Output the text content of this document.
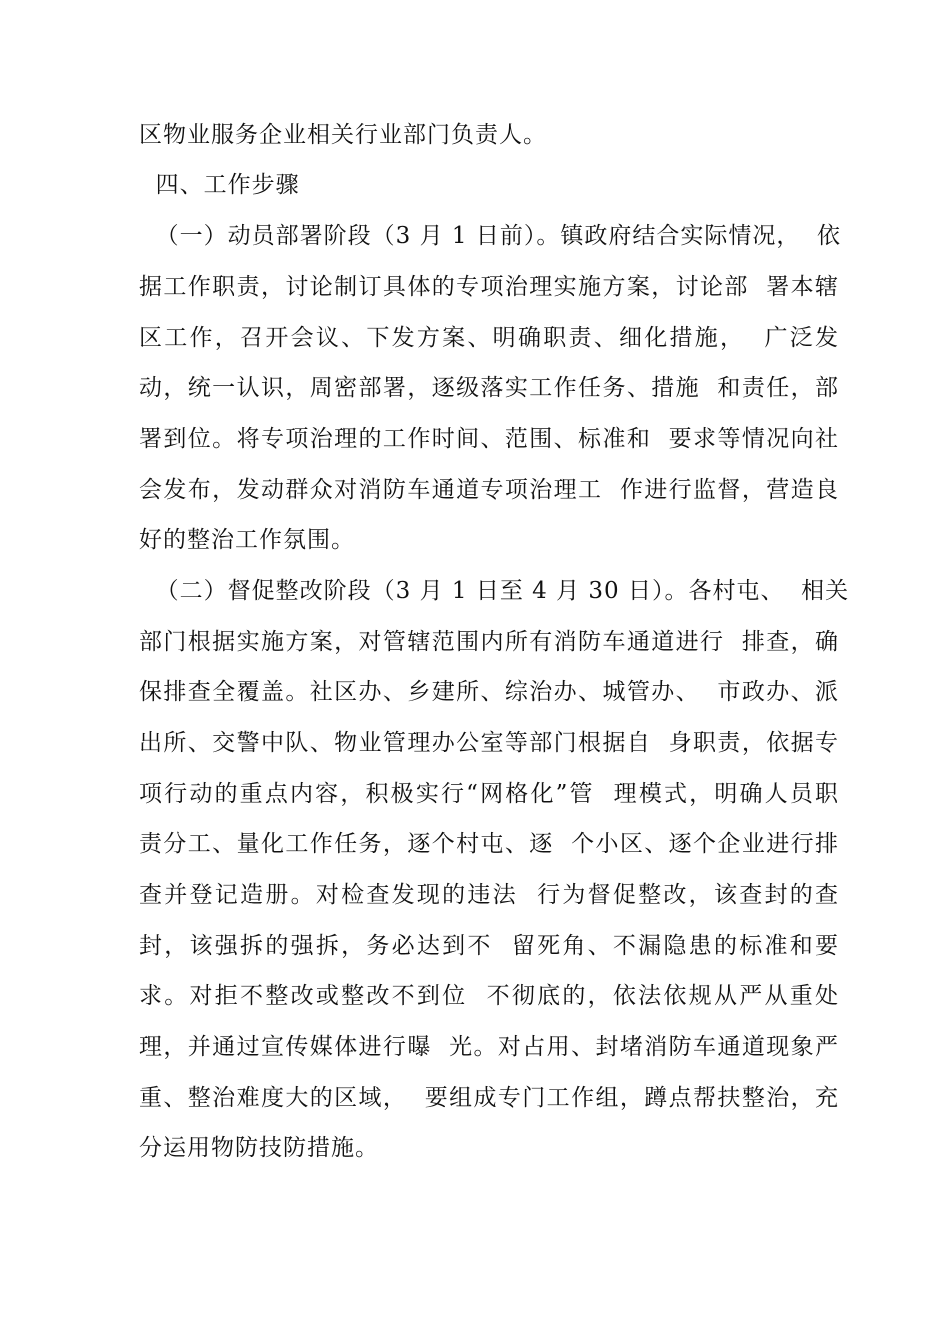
区物业服务企业相关行业部门负责人。
四、工作步骤
（一）动员部署阶段（3 月 1 日前）。镇政府结合实际情况，  依
据工作职责，讨论制订具体的专项治理实施方案，讨论部  署本辖
区工作，召开会议、下发方案、明确职责、细化措施，  广泛发
动，统一认识，周密部署，逐级落实工作任务、措施  和责任，部
署到位。将专项治理的工作时间、范围、标准和  要求等情况向社
会发布，发动群众对消防车通道专项治理工  作进行监督，营造良
好的整治工作氛围。
（二）督促整改阶段（3 月 1 日至 4 月 30 日）。各村屯、  相关
部门根据实施方案，对管辖范围内所有消防车通道进行  排查，确
保排查全覆盖。社区办、乡建所、综治办、城管办、  市政办、派
出所、交警中队、物业管理办公室等部门根据自  身职责，依据专
项行动的重点内容，积极实行“网格化”管  理模式，明确人员职
责分工、量化工作任务，逐个村屯、逐  个小区、逐个企业进行排
查并登记造册。对检查发现的违法  行为督促整改，该查封的查
封，该强拆的强拆，务必达到不  留死角、不漏隐患的标准和要
求。对拒不整改或整改不到位  不彻底的，依法依规从严从重处
理，并通过宣传媒体进行曝  光。对占用、封堵消防车通道现象严
重、整治难度大的区域，  要组成专门工作组，蹲点帮扶整治，充
分运用物防技防措施。
